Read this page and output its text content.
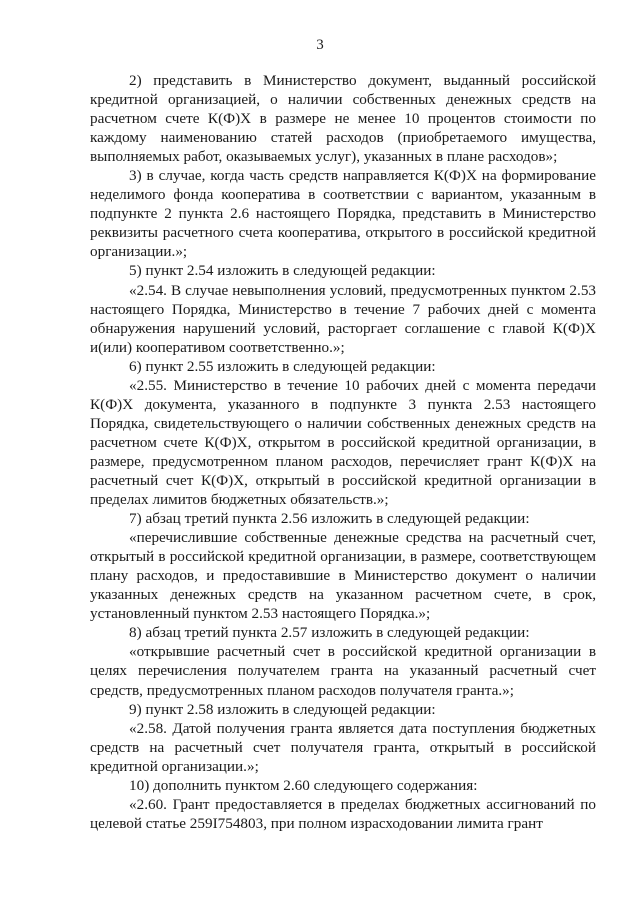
3

2) представить в Министерство документ, выданный российской кредитной организацией, о наличии собственных денежных средств на расчетном счете К(Ф)Х в размере не менее 10 процентов стоимости по каждому наименованию статей расходов (приобретаемого имущества, выполняемых работ, оказываемых услуг), указанных в плане расходов»;

3) в случае, когда часть средств направляется К(Ф)Х на формирование неделимого фонда кооператива в соответствии с вариантом, указанным в подпункте 2 пункта 2.6 настоящего Порядка, представить в Министерство реквизиты расчетного счета кооператива, открытого в российской кредитной организации.»;

5) пункт 2.54 изложить в следующей редакции:

«2.54. В случае невыполнения условий, предусмотренных пунктом 2.53 настоящего Порядка, Министерство в течение 7 рабочих дней с момента обнаружения нарушений условий, расторгает соглашение с главой К(Ф)Х и(или) кооперативом соответственно.»;

6) пункт 2.55 изложить в следующей редакции:

«2.55. Министерство в течение 10 рабочих дней с момента передачи К(Ф)Х документа, указанного в подпункте 3 пункта 2.53 настоящего Порядка, свидетельствующего о наличии собственных денежных средств на расчетном счете К(Ф)Х, открытом в российской кредитной организации, в размере, предусмотренном планом расходов, перечисляет грант К(Ф)Х на расчетный счет К(Ф)Х, открытый в российской кредитной организации в пределах лимитов бюджетных обязательств.»;

7) абзац третий пункта 2.56 изложить в следующей редакции:

«перечислившие собственные денежные средства на расчетный счет, открытый в российской кредитной организации, в размере, соответствующем плану расходов, и предоставившие в Министерство документ о наличии указанных денежных средств на указанном расчетном счете, в срок, установленный пунктом 2.53 настоящего Порядка.»;

8) абзац третий пункта 2.57 изложить в следующей редакции:

«открывшие расчетный счет в российской кредитной организации в целях перечисления получателем гранта на указанный расчетный счет средств, предусмотренных планом расходов получателя гранта.»;

9) пункт 2.58 изложить в следующей редакции:

«2.58. Датой получения гранта является дата поступления бюджетных средств на расчетный счет получателя гранта, открытый в российской кредитной организации.»;

10) дополнить пунктом 2.60 следующего содержания:

«2.60. Грант предоставляется в пределах бюджетных ассигнований по целевой статье 259I754803, при полном израсходовании лимита грант
